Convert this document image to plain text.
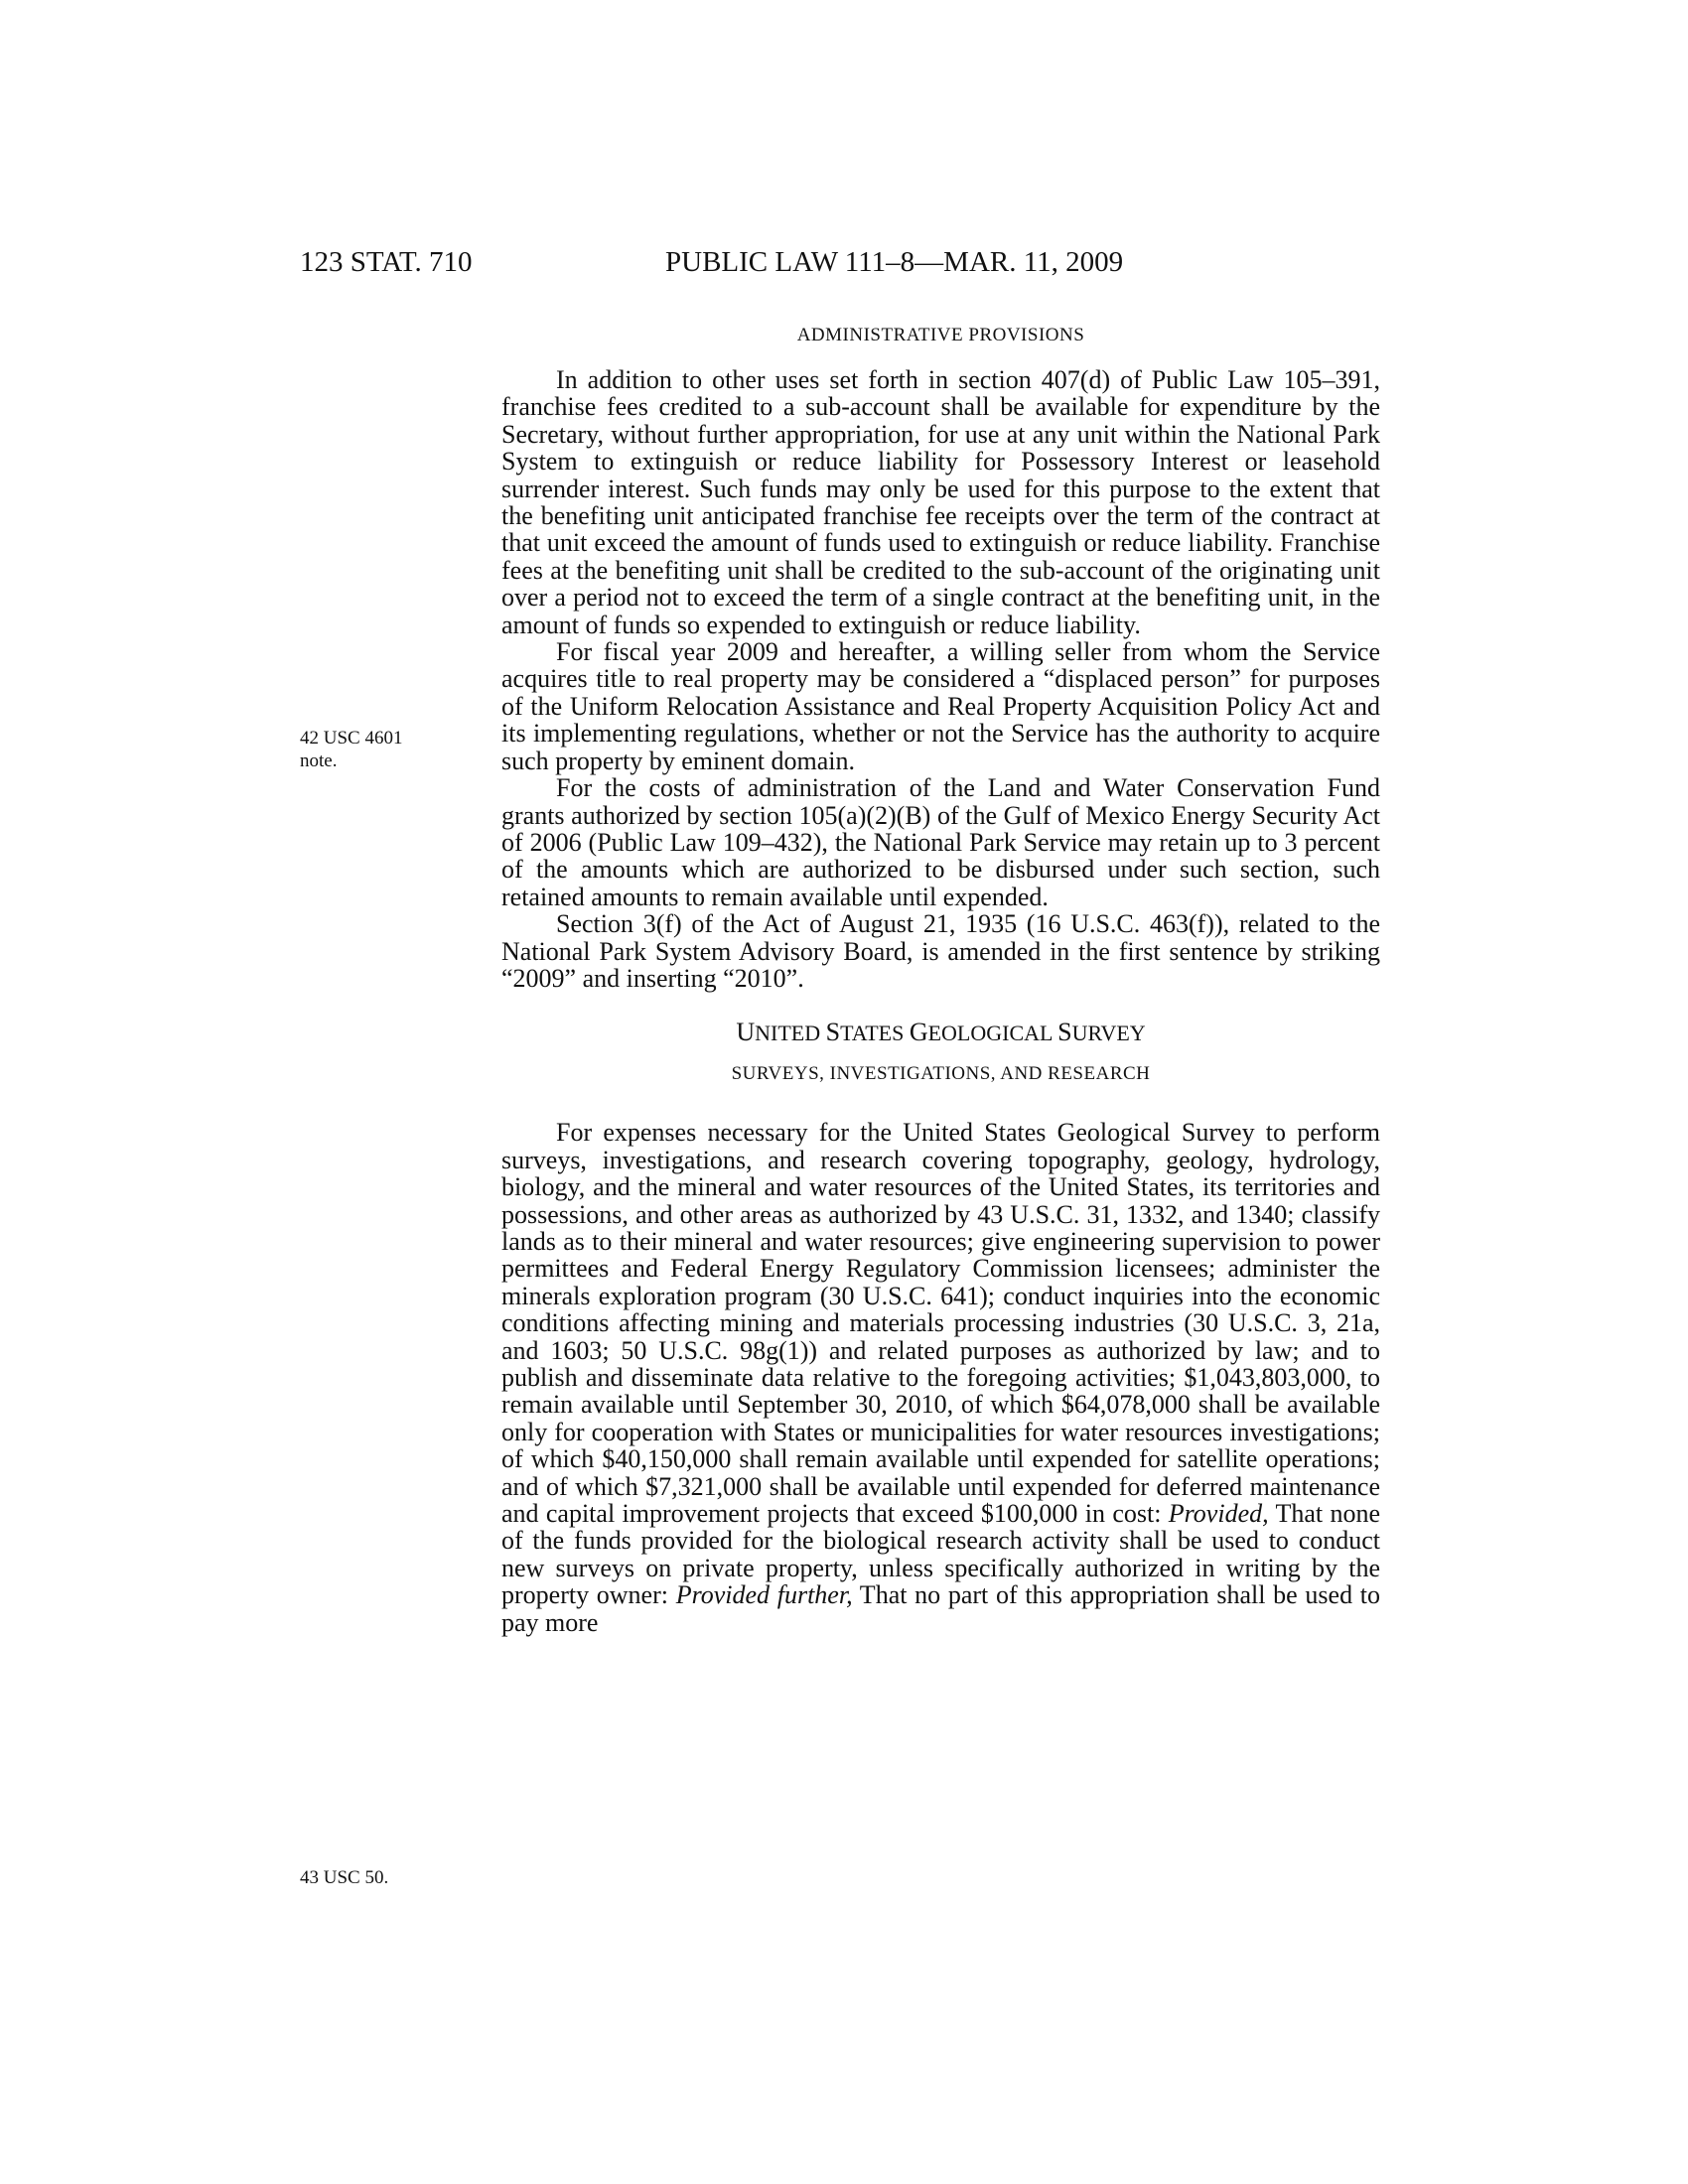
123 STAT. 710	PUBLIC LAW 111–8—MAR. 11, 2009
42 USC 4601
note.
43 USC 50.
ADMINISTRATIVE PROVISIONS

In addition to other uses set forth in section 407(d) of Public Law 105–391, franchise fees credited to a sub-account shall be available for expenditure by the Secretary, without further appropriation, for use at any unit within the National Park System to extinguish or reduce liability for Possessory Interest or leasehold surrender interest. Such funds may only be used for this purpose to the extent that the benefiting unit anticipated franchise fee receipts over the term of the contract at that unit exceed the amount of funds used to extinguish or reduce liability. Franchise fees at the benefiting unit shall be credited to the sub-account of the originating unit over a period not to exceed the term of a single contract at the benefiting unit, in the amount of funds so expended to extinguish or reduce liability.

For fiscal year 2009 and hereafter, a willing seller from whom the Service acquires title to real property may be considered a “displaced person” for purposes of the Uniform Relocation Assistance and Real Property Acquisition Policy Act and its implementing regulations, whether or not the Service has the authority to acquire such property by eminent domain.

For the costs of administration of the Land and Water Conservation Fund grants authorized by section 105(a)(2)(B) of the Gulf of Mexico Energy Security Act of 2006 (Public Law 109–432), the National Park Service may retain up to 3 percent of the amounts which are authorized to be disbursed under such section, such retained amounts to remain available until expended.

Section 3(f) of the Act of August 21, 1935 (16 U.S.C. 463(f)), related to the National Park System Advisory Board, is amended in the first sentence by striking “2009” and inserting “2010”.

UNITED STATES GEOLOGICAL SURVEY
SURVEYS, INVESTIGATIONS, AND RESEARCH

For expenses necessary for the United States Geological Survey to perform surveys, investigations, and research covering topography, geology, hydrology, biology, and the mineral and water resources of the United States, its territories and possessions, and other areas as authorized by 43 U.S.C. 31, 1332, and 1340; classify lands as to their mineral and water resources; give engineering supervision to power permittees and Federal Energy Regulatory Commission licensees; administer the minerals exploration program (30 U.S.C. 641); conduct inquiries into the economic conditions affecting mining and materials processing industries (30 U.S.C. 3, 21a, and 1603; 50 U.S.C. 98g(1)) and related purposes as authorized by law; and to publish and disseminate data relative to the foregoing activities; $1,043,803,000, to remain available until September 30, 2010, of which $64,078,000 shall be available only for cooperation with States or municipalities for water resources investigations; of which $40,150,000 shall remain available until expended for satellite operations; and of which $7,321,000 shall be available until expended for deferred maintenance and capital improvement projects that exceed $100,000 in cost: Provided, That none of the funds provided for the biological research activity shall be used to conduct new surveys on private property, unless specifically authorized in writing by the property owner: Provided further, That no part of this appropriation shall be used to pay more
